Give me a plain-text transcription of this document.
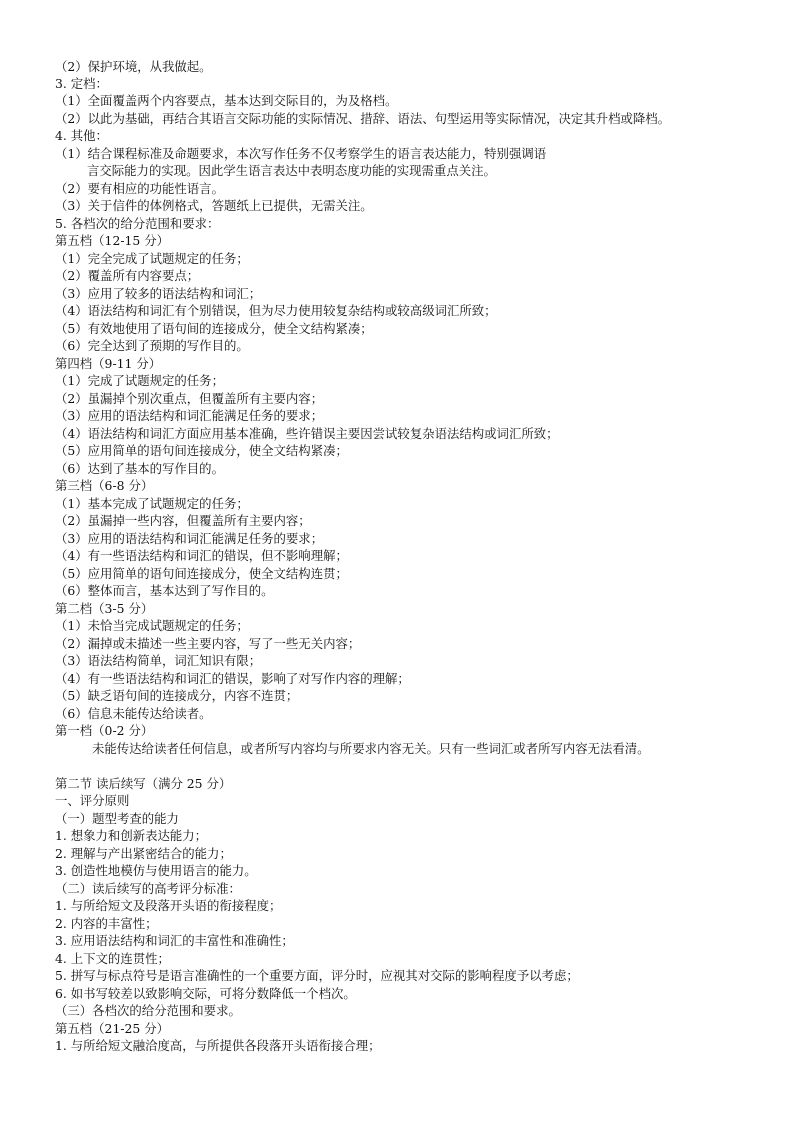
（2）保护环境，从我做起。
3. 定档：
（1）全面覆盖两个内容要点，基本达到交际目的，为及格档。
（2）以此为基础，再结合其语言交际功能的实际情况、措辞、语法、句型运用等实际情况，决定其升档或降档。
4. 其他：
（1）结合课程标准及命题要求，本次写作任务不仅考察学生的语言表达能力，特别强调语
言交际能力的实现。因此学生语言表达中表明态度功能的实现需重点关注。
（2）要有相应的功能性语言。
（3）关于信件的体例格式，答题纸上已提供，无需关注。
5. 各档次的给分范围和要求：
第五档（12-15 分）
（1）完全完成了试题规定的任务；
（2）覆盖所有内容要点；
（3）应用了较多的语法结构和词汇；
（4）语法结构和词汇有个别错误，但为尽力使用较复杂结构或较高级词汇所致；
（5）有效地使用了语句间的连接成分，使全文结构紧凑；
（6）完全达到了预期的写作目的。
第四档（9-11 分）
（1）完成了试题规定的任务；
（2）虽漏掉个别次重点，但覆盖所有主要内容；
（3）应用的语法结构和词汇能满足任务的要求；
（4）语法结构和词汇方面应用基本准确，些许错误主要因尝试较复杂语法结构或词汇所致；
（5）应用简单的语句间连接成分，使全文结构紧凑；
（6）达到了基本的写作目的。
第三档（6-8 分）
（1）基本完成了试题规定的任务；
（2）虽漏掉一些内容，但覆盖所有主要内容；
（3）应用的语法结构和词汇能满足任务的要求；
（4）有一些语法结构和词汇的错误，但不影响理解；
（5）应用简单的语句间连接成分，使全文结构连贯；
（6）整体而言，基本达到了写作目的。
第二档（3-5 分）
（1）未恰当完成试题规定的任务；
（2）漏掉或未描述一些主要内容，写了一些无关内容；
（3）语法结构简单，词汇知识有限；
（4）有一些语法结构和词汇的错误，影响了对写作内容的理解；
（5）缺乏语句间的连接成分，内容不连贯；
（6）信息未能传达给读者。
第一档（0-2 分）
未能传达给读者任何信息，或者所写内容均与所要求内容无关。只有一些词汇或者所写内容无法看清。
第二节 读后续写（满分 25 分）
一、评分原则
（一）题型考查的能力
1. 想象力和创新表达能力；
2. 理解与产出紧密结合的能力；
3. 创造性地模仿与使用语言的能力。
（二）读后续写的高考评分标准：
1. 与所给短文及段落开头语的衔接程度；
2. 内容的丰富性；
3. 应用语法结构和词汇的丰富性和准确性；
4. 上下文的连贯性；
5. 拼写与标点符号是语言准确性的一个重要方面，评分时，应视其对交际的影响程度予以考虑；
6. 如书写较差以致影响交际，可将分数降低一个档次。
（三）各档次的给分范围和要求。
第五档（21-25 分）
1. 与所给短文融洽度高，与所提供各段落开头语衔接合理；
